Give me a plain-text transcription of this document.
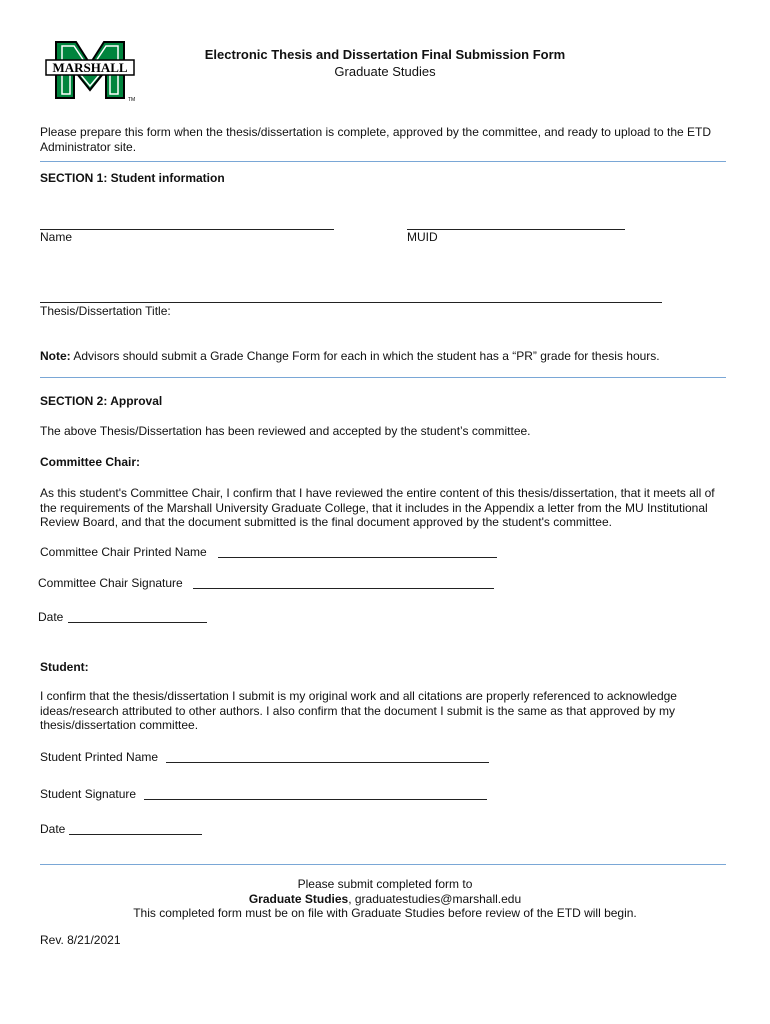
MARSHALL
TM
Electronic Thesis and Dissertation Final Submission Form
Graduate Studies
Please prepare this form when the thesis/dissertation is complete, approved by the committee, and ready to upload to the ETD Administrator site.
SECTION 1: Student information
Name	MUID
Thesis/Dissertation Title:
Note: Advisors should submit a Grade Change Form for each in which the student has a “PR” grade for thesis hours.
SECTION 2: Approval
The above Thesis/Dissertation has been reviewed and accepted by the student’s committee.
Committee Chair:
As this student's Committee Chair, I confirm that I have reviewed the entire content of this thesis/dissertation, that it meets all of the requirements of the Marshall University Graduate College, that it includes in the Appendix a letter from the MU Institutional Review Board, and that the document submitted is the final document approved by the student's committee.
Committee Chair Printed Name
Committee Chair Signature
Date
Student:
I confirm that the thesis/dissertation I submit is my original work and all citations are properly referenced to acknowledge ideas/research attributed to other authors. I also confirm that the document I submit is the same as that approved by my thesis/dissertation committee.
Student Printed Name
Student Signature
Date
Please submit completed form to
Graduate Studies, graduatestudies@marshall.edu
This completed form must be on file with Graduate Studies before review of the ETD will begin.
Rev. 8/21/2021
